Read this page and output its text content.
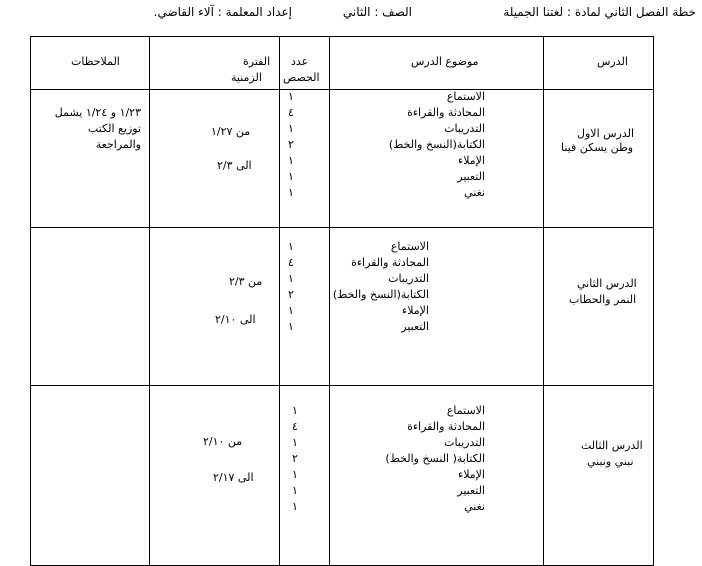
خطة الفصل الثاني لمادة : لغتنا الجميلة
الصف : الثاني
إعداد المعلمة : آلاء القاضي.
الدرس
موضوع الدرس
عدد
الحصص
الفترة
الزمنية
الملاحظات
الدرس الاول
وطن يسكن فينا
الاستماع
المحادثة والقراءة
التدريبات
الكتابة(النسخ والخط)
الإملاء
التعبير
نغني
١
٤
١
٢
١
١
١
من ١/٢٧
الى ٢/٣
١/٢٣ و ١/٢٤ يشمل
توزيع الكتب
والمراجعة
الدرس الثاني
النمر والحطاب
الاستماع
المحادثة والقراءة
التدريبات
الكتابة(النسخ والخط)
الإملاء
التعبير
١
٤
١
٢
١
١
من ٢/٣
الى ٢/١٠
الدرس الثالث
نبني ونبني
الاستماع
المحادثة والقراءة
التدريبات
الكتابة( النسخ والخط)
الإملاء
التعبير
نغني
١
٤
١
٢
١
١
١
من ٢/١٠
الى ٢/١٧
